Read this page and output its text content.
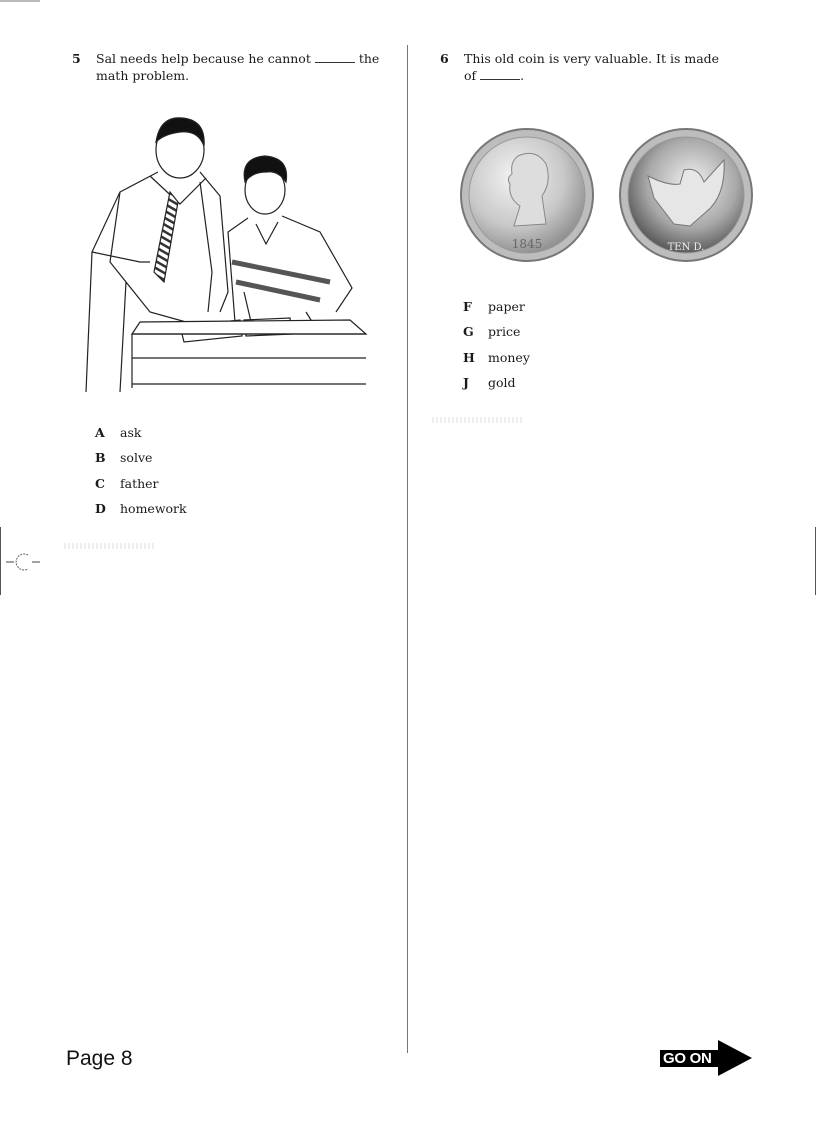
5 Sal needs help because he cannot	the math problem.
A ask
B solve
C father
D homework
6 This old coin is very valuable. It is made of	.
1845	TEN D.
F paper
G price
H money
J gold
Page 8	GO ON
